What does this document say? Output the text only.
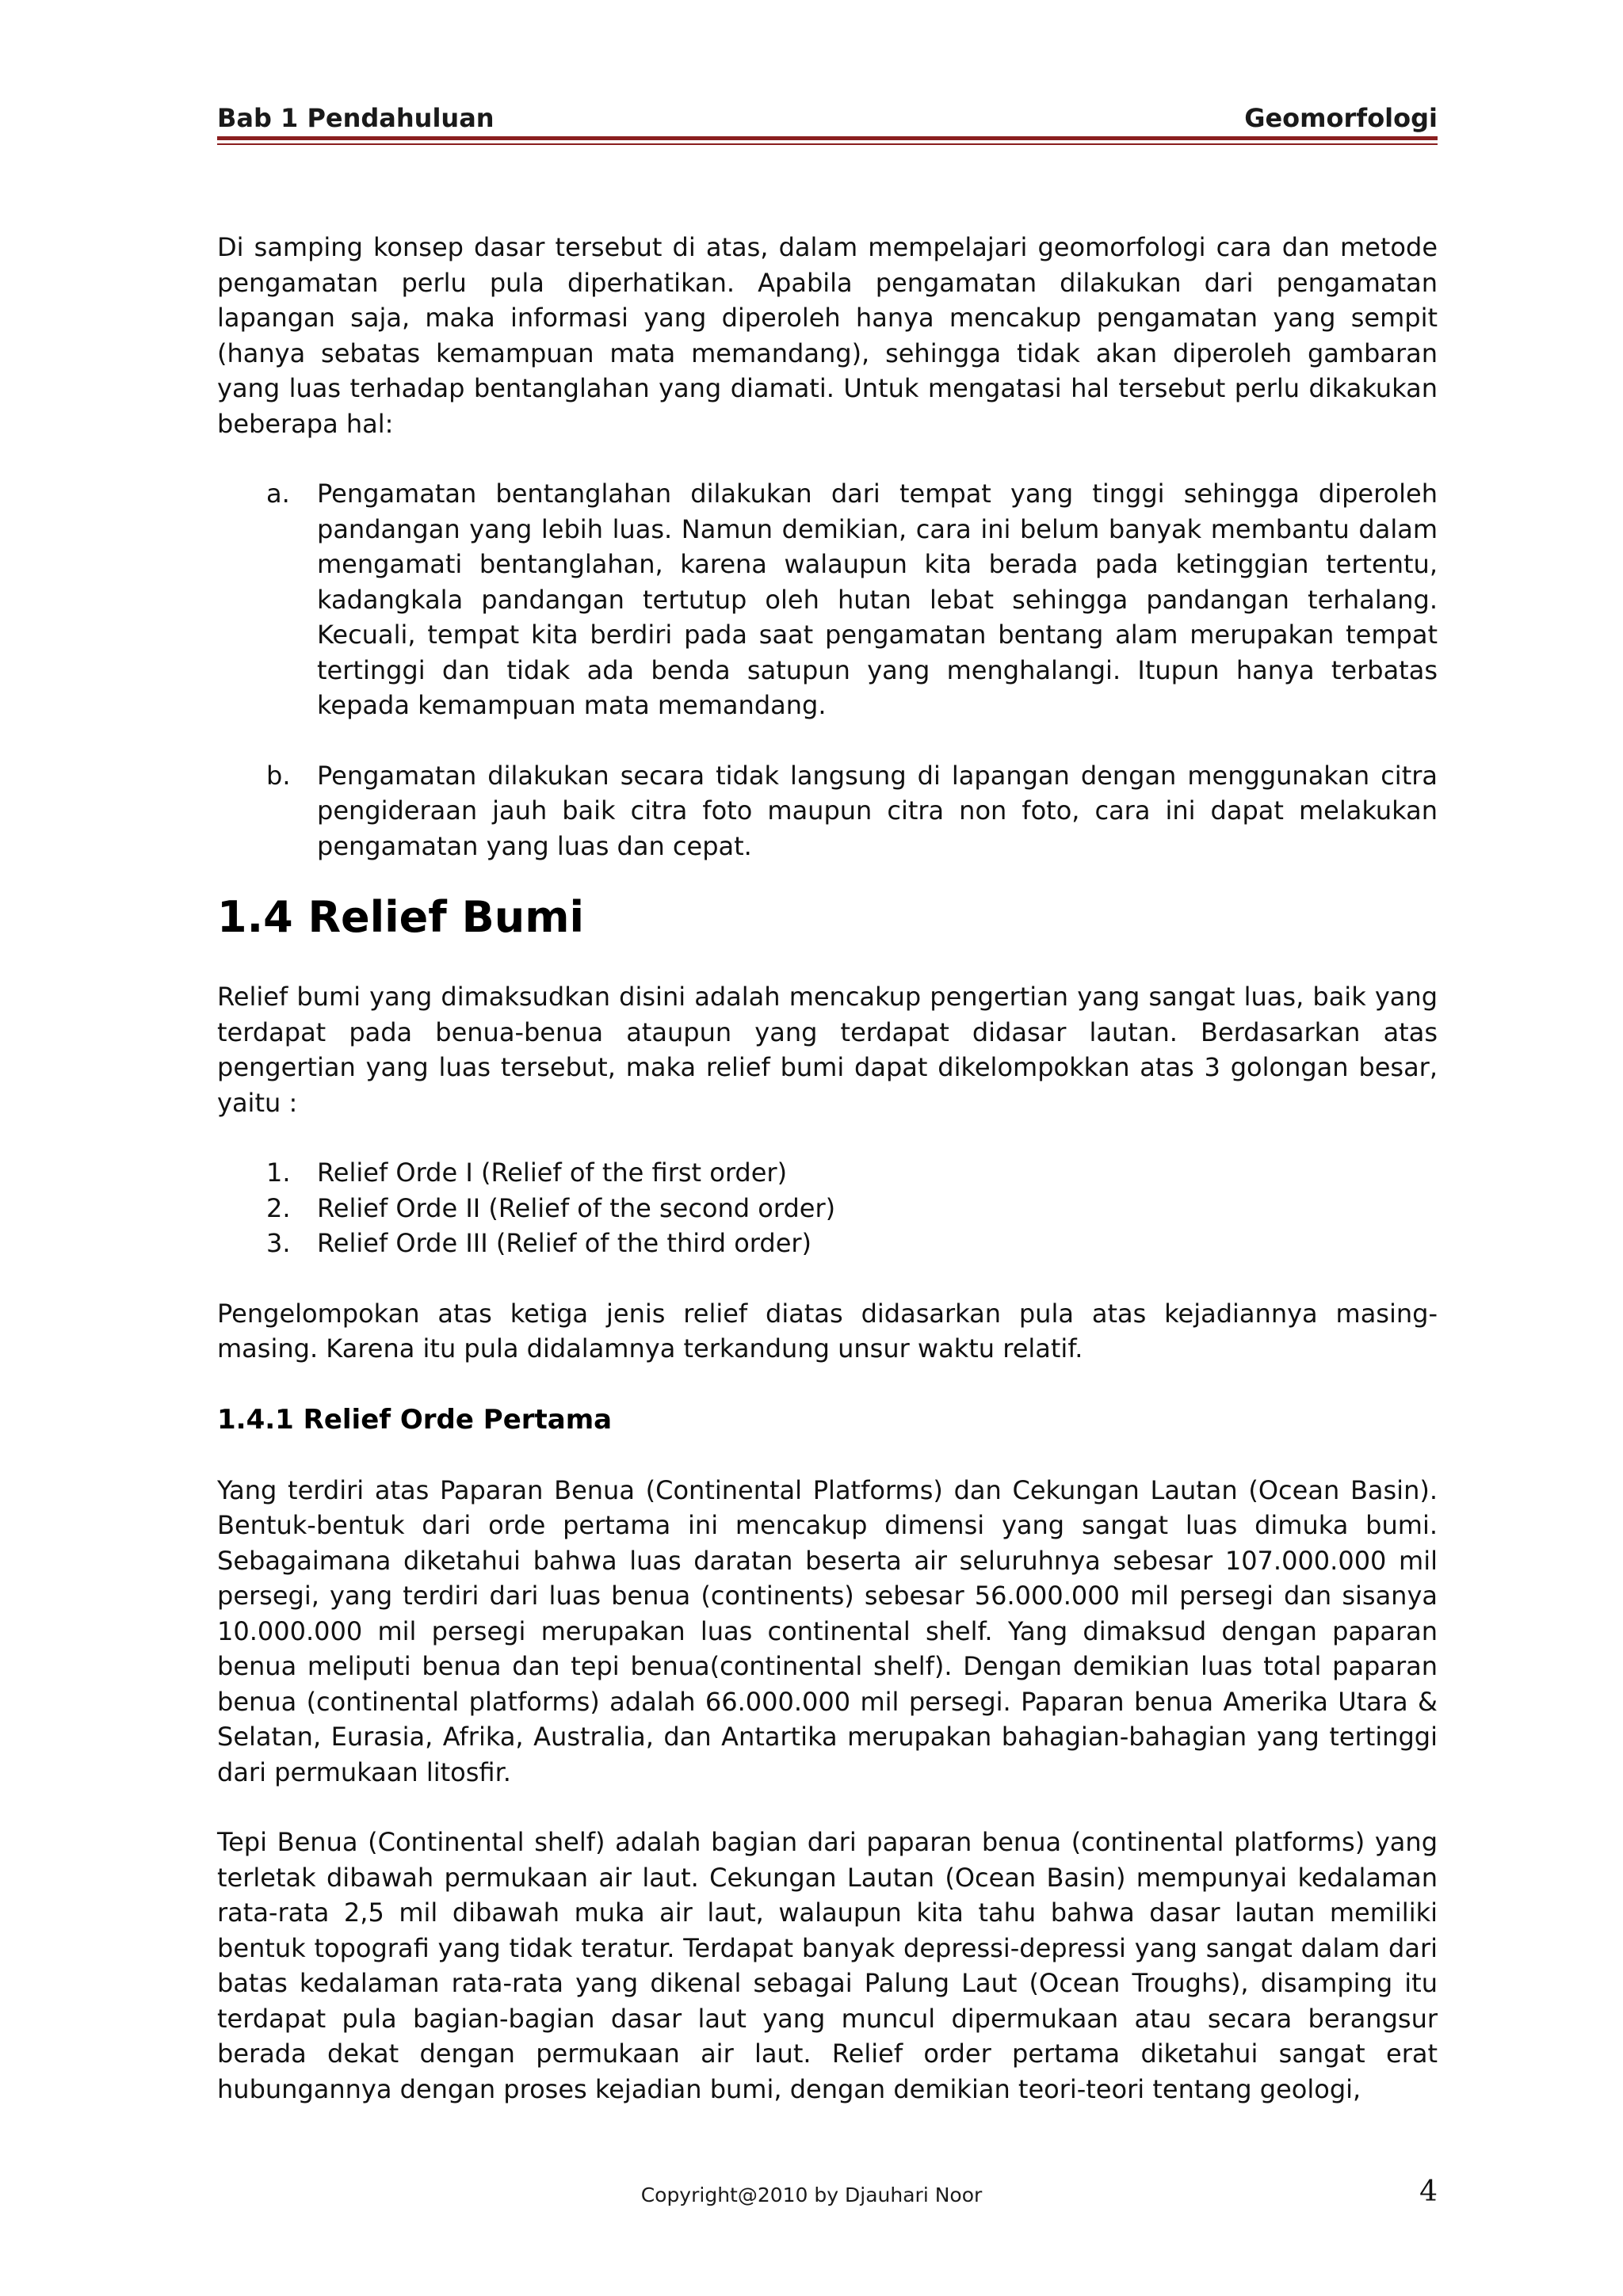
Bab 1 Pendahuluan	Geomorfologi

Di samping konsep dasar tersebut di atas, dalam mempelajari geomorfologi cara dan metode pengamatan perlu pula diperhatikan. Apabila pengamatan dilakukan dari pengamatan lapangan saja, maka informasi yang diperoleh hanya mencakup pengamatan yang sempit (hanya sebatas kemampuan mata memandang), sehingga tidak akan diperoleh gambaran yang luas terhadap bentanglahan yang diamati. Untuk mengatasi hal tersebut perlu dikakukan beberapa hal:

a.	Pengamatan bentanglahan dilakukan dari tempat yang tinggi sehingga diperoleh pandangan yang lebih luas. Namun demikian, cara ini belum banyak membantu dalam mengamati bentanglahan, karena walaupun kita berada pada ketinggian tertentu, kadangkala pandangan tertutup oleh hutan lebat sehingga pandangan terhalang. Kecuali, tempat kita berdiri pada saat pengamatan bentang alam merupakan tempat tertinggi dan tidak ada benda satupun yang menghalangi. Itupun hanya terbatas kepada kemampuan mata memandang.
b.	Pengamatan dilakukan secara tidak langsung di lapangan dengan menggunakan citra pengideraan jauh baik citra foto maupun citra non foto, cara ini dapat melakukan pengamatan yang luas dan cepat.
1.4 Relief Bumi

Relief bumi yang dimaksudkan disini adalah mencakup pengertian yang sangat luas, baik yang terdapat pada benua-benua ataupun yang terdapat didasar lautan. Berdasarkan atas pengertian yang luas tersebut, maka relief bumi dapat dikelompokkan atas 3 golongan besar, yaitu :

1.	Relief Orde I (Relief of the first order)
2.	Relief Orde II (Relief of the second order)
3.	Relief Orde III (Relief of the third order)

Pengelompokan atas ketiga jenis relief diatas didasarkan pula atas kejadiannya masing-masing. Karena itu pula didalamnya terkandung unsur waktu relatif.

1.4.1 Relief Orde Pertama

Yang terdiri atas Paparan Benua (Continental Platforms) dan Cekungan Lautan (Ocean Basin). Bentuk-bentuk dari orde pertama ini mencakup dimensi yang sangat luas dimuka bumi. Sebagaimana diketahui bahwa luas daratan beserta air seluruhnya sebesar 107.000.000 mil persegi, yang terdiri dari luas benua (continents) sebesar 56.000.000 mil persegi dan sisanya 10.000.000 mil persegi merupakan luas continental shelf. Yang dimaksud dengan paparan benua meliputi benua dan tepi benua(continental shelf). Dengan demikian luas total paparan benua (continental platforms) adalah 66.000.000 mil persegi. Paparan benua Amerika Utara & Selatan, Eurasia, Afrika, Australia, dan Antartika merupakan bahagian-bahagian yang tertinggi dari permukaan litosfir.

Tepi Benua (Continental shelf) adalah bagian dari paparan benua (continental platforms) yang terletak dibawah permukaan air laut. Cekungan Lautan (Ocean Basin) mempunyai kedalaman rata-rata 2,5 mil dibawah muka air laut, walaupun kita tahu bahwa dasar lautan memiliki bentuk topografi yang tidak teratur. Terdapat banyak depressi-depressi yang sangat dalam dari batas kedalaman rata-rata yang dikenal sebagai Palung Laut (Ocean Troughs), disamping itu terdapat pula bagian-bagian dasar laut yang muncul dipermukaan atau secara berangsur berada dekat dengan permukaan air laut. Relief order pertama diketahui sangat erat hubungannya dengan proses kejadian bumi, dengan demikian teori-teori tentang geologi,

Copyright@2010 by Djauhari Noor	4
